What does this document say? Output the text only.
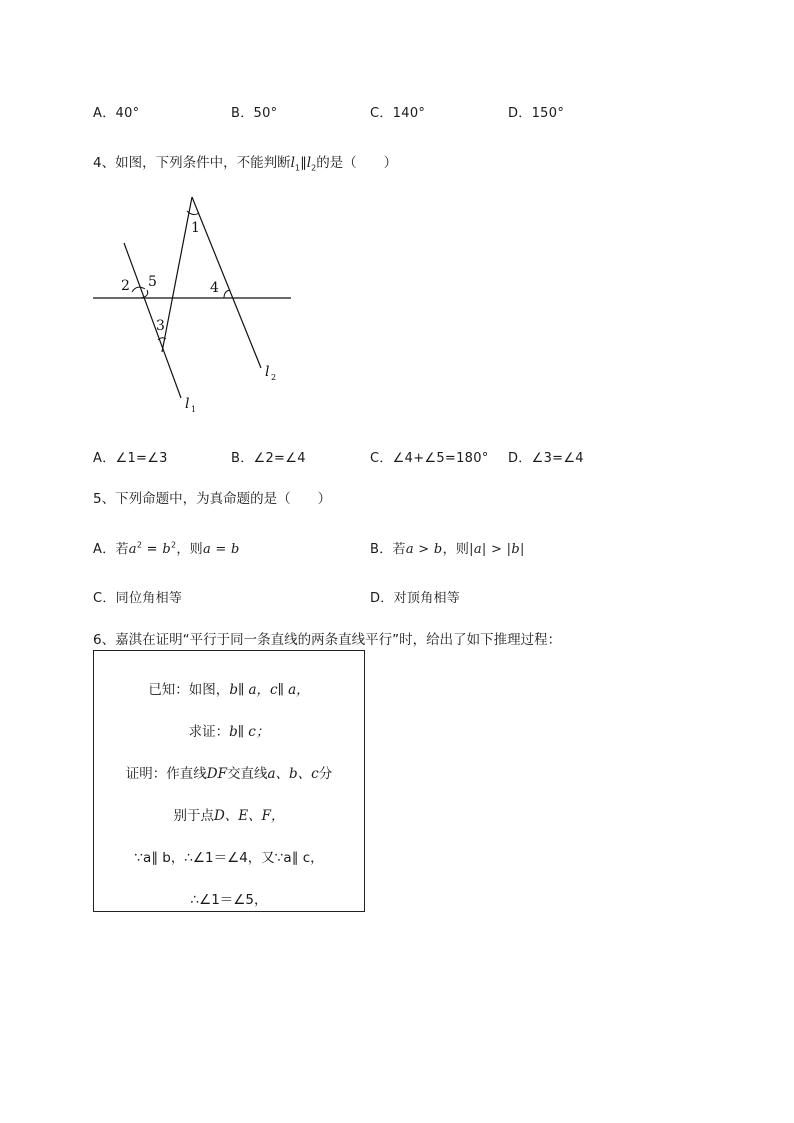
A．40°	B．50°	C．140°	D．150°
4、如图，下列条件中，不能判断$l_1\parallel l_2$的是（　　）
1
2 5
3
4
l 2
l 1
A．∠1=∠3	B．∠2=∠4	C．∠4+∠5=180° D．∠3=∠4
5、下列命题中，为真命题的是（　　）
A．若$a^2 = b^2$，则a = b	B．若a > b，则|a| > |b|
C．同位角相等	D．对顶角相等
6、嘉淇在证明“平行于同一条直线的两条直线平行”时，给出了如下推理过程：
已知：如图，b∥ a，c∥ a，
求证：b∥ c；
证明：作直线DF交直线a、b、c分
别于点D、E、F，
∵a∥ b，∴∠1＝∠4，又∵a∥ c，
∴∠1＝∠5，
